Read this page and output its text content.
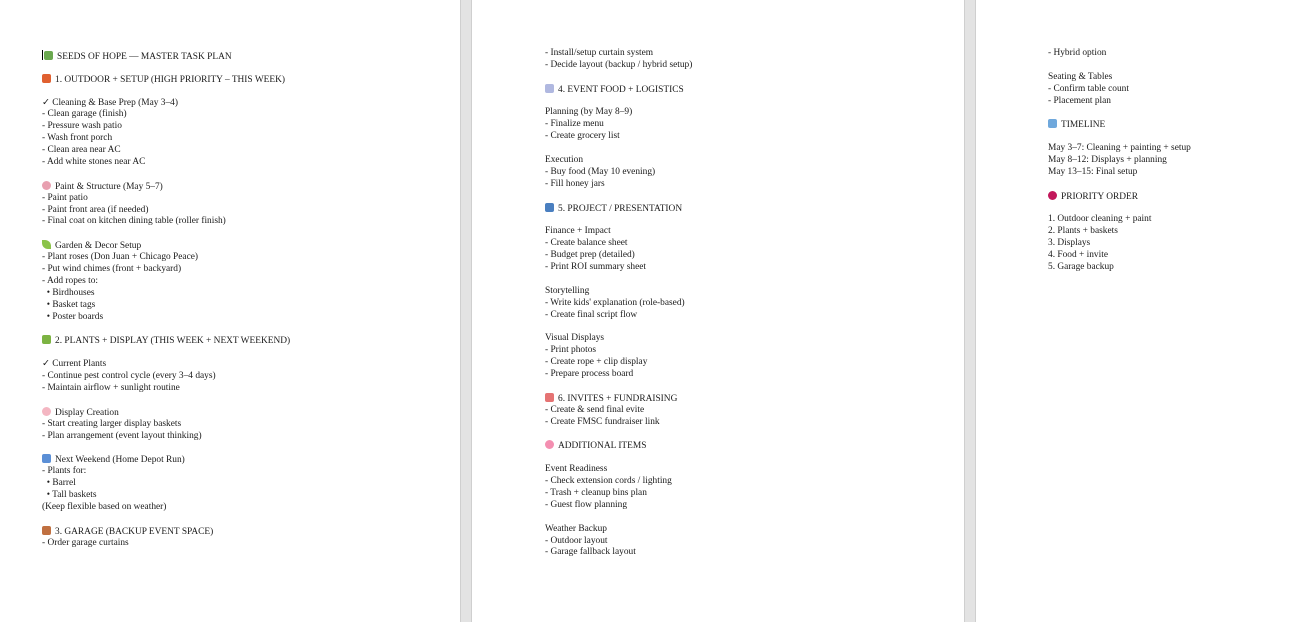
SEEDS OF HOPE — MASTER TASK PLAN
1. OUTDOOR + SETUP (HIGH PRIORITY – THIS WEEK)
✓ Cleaning & Base Prep (May 3–4)
- Clean garage (finish)
- Pressure wash patio
- Wash front porch
- Clean area near AC
- Add white stones near AC
Paint & Structure (May 5–7)
- Paint patio
- Paint front area (if needed)
- Final coat on kitchen dining table (roller finish)
Garden & Decor Setup
- Plant roses (Don Juan + Chicago Peace)
- Put wind chimes (front + backyard)
- Add ropes to:
• Birdhouses
• Basket tags
• Poster boards
2. PLANTS + DISPLAY (THIS WEEK + NEXT WEEKEND)
✓ Current Plants
- Continue pest control cycle (every 3–4 days)
- Maintain airflow + sunlight routine
Display Creation
- Start creating larger display baskets
- Plan arrangement (event layout thinking)
Next Weekend (Home Depot Run)
- Plants for:
• Barrel
• Tall baskets
(Keep flexible based on weather)
3. GARAGE (BACKUP EVENT SPACE)
- Order garage curtains
- Install/setup curtain system
- Decide layout (backup / hybrid setup)
4. EVENT FOOD + LOGISTICS
Planning (by May 8–9)
- Finalize menu
- Create grocery list
Execution
- Buy food (May 10 evening)
- Fill honey jars
5. PROJECT / PRESENTATION
Finance + Impact
- Create balance sheet
- Budget prep (detailed)
- Print ROI summary sheet
Storytelling
- Write kids' explanation (role-based)
- Create final script flow
Visual Displays
- Print photos
- Create rope + clip display
- Prepare process board
6. INVITES + FUNDRAISING
- Create & send final evite
- Create FMSC fundraiser link
ADDITIONAL ITEMS
Event Readiness
- Check extension cords / lighting
- Trash + cleanup bins plan
- Guest flow planning
Weather Backup
- Outdoor layout
- Garage fallback layout
- Hybrid option
Seating & Tables
- Confirm table count
- Placement plan
TIMELINE
May 3–7: Cleaning + painting + setup
May 8–12: Displays + planning
May 13–15: Final setup
PRIORITY ORDER
1. Outdoor cleaning + paint
2. Plants + baskets
3. Displays
4. Food + invite
5. Garage backup
